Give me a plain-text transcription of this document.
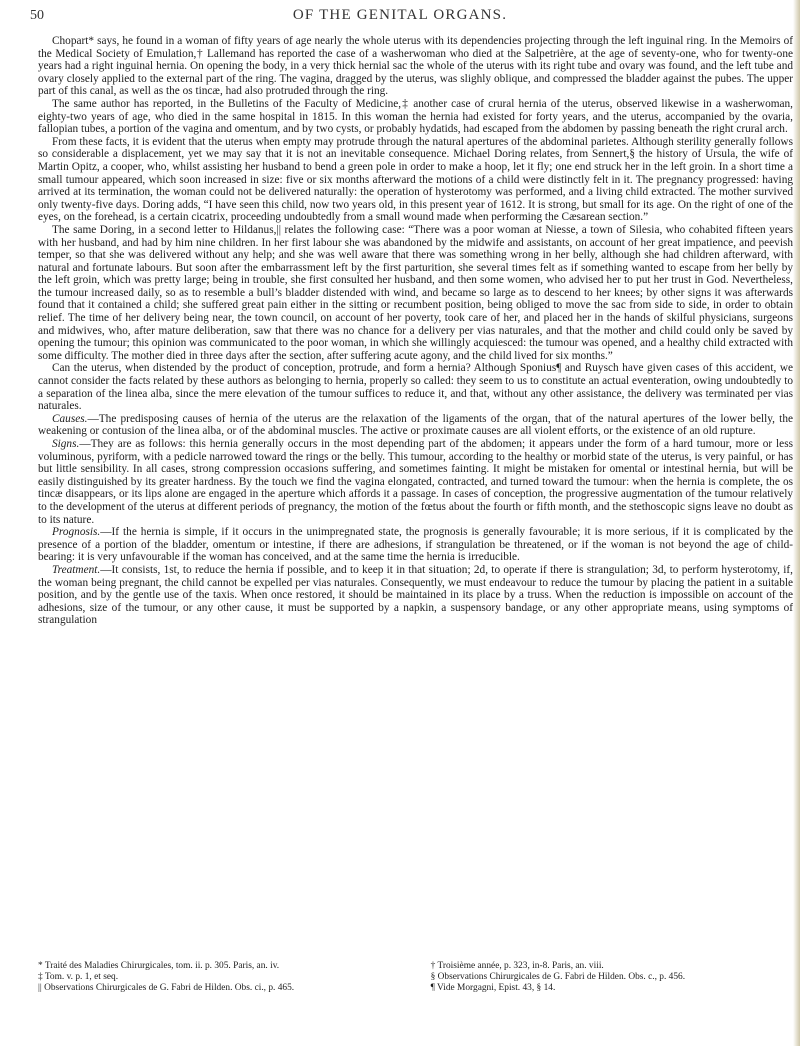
50	OF THE GENITAL ORGANS.

Chopart* says, he found in a woman of fifty years of age nearly the whole uterus with its dependencies projecting through the left inguinal ring. In the Memoirs of the Medical Society of Emulation,† Lallemand has reported the case of a washerwoman who died at the Salpetrière, at the age of seventy-one, who for twenty-one years had a right inguinal hernia. On opening the body, in a very thick hernial sac the whole of the uterus with its right tube and ovary was found, and the left tube and ovary closely applied to the external part of the ring. The vagina, dragged by the uterus, was slighly oblique, and compressed the bladder against the pubes. The upper part of this canal, as well as the os tincæ, had also protruded through the ring.

The same author has reported, in the Bulletins of the Faculty of Medicine,‡ another case of crural hernia of the uterus, observed likewise in a washerwoman, eighty-two years of age, who died in the same hospital in 1815. In this woman the hernia had existed for forty years, and the uterus, accompanied by the ovaria, fallopian tubes, a portion of the vagina and omentum, and by two cysts, or probably hydatids, had escaped from the abdomen by passing beneath the right crural arch.

From these facts, it is evident that the uterus when empty may protrude through the natural apertures of the abdominal parietes. Although sterility generally follows so considerable a displacement, yet we may say that it is not an inevitable consequence. Michael Doring relates, from Sennert,§ the history of Ursula, the wife of Martin Opitz, a cooper, who, whilst assisting her husband to bend a green pole in order to make a hoop, let it fly; one end struck her in the left groin. In a short time a small tumour appeared, which soon increased in size: five or six months afterward the motions of a child were distinctly felt in it. The pregnancy progressed: having arrived at its termination, the woman could not be delivered naturally: the operation of hysterotomy was performed, and a living child extracted. The mother survived only twenty-five days. Doring adds, “I have seen this child, now two years old, in this present year of 1612. It is strong, but small for its age. On the right of one of the eyes, on the forehead, is a certain cicatrix, proceeding undoubtedly from a small wound made when performing the Cæsarean section.”

The same Doring, in a second letter to Hildanus,|| relates the following case: “There was a poor woman at Niesse, a town of Silesia, who cohabited fifteen years with her husband, and had by him nine children. In her first labour she was abandoned by the midwife and assistants, on account of her great impatience, and peevish temper, so that she was delivered without any help; and she was well aware that there was something wrong in her belly, although she had children afterward, with natural and fortunate labours. But soon after the embarrassment left by the first parturition, she several times felt as if something wanted to escape from her belly by the left groin, which was pretty large; being in trouble, she first consulted her husband, and then some women, who advised her to put her trust in God. Nevertheless, the tumour increased daily, so as to resemble a bull’s bladder distended with wind, and became so large as to descend to her knees; by other signs it was afterwards found that it contained a child; she suffered great pain either in the sitting or recumbent position, being obliged to move the sac from side to side, in order to obtain relief. The time of her delivery being near, the town council, on account of her poverty, took care of her, and placed her in the hands of skilful physicians, surgeons and midwives, who, after mature deliberation, saw that there was no chance for a delivery per vias naturales, and that the mother and child could only be saved by opening the tumour; this opinion was communicated to the poor woman, in which she willingly acquiesced: the tumour was opened, and a healthy child extracted with some difficulty. The mother died in three days after the section, after suffering acute agony, and the child lived for six months.”

Can the uterus, when distended by the product of conception, protrude, and form a hernia? Although Sponius¶ and Ruysch have given cases of this accident, we cannot consider the facts related by these authors as belonging to hernia, properly so called: they seem to us to constitute an actual eventeration, owing undoubtedly to a separation of the linea alba, since the mere elevation of the tumour suffices to reduce it, and that, without any other assistance, the delivery was terminated per vias naturales.

Causes.—The predisposing causes of hernia of the uterus are the relaxation of the ligaments of the organ, that of the natural apertures of the lower belly, the weakening or contusion of the linea alba, or of the abdominal muscles. The active or proximate causes are all violent efforts, or the existence of an old rupture.

Signs.—They are as follows: this hernia generally occurs in the most depending part of the abdomen; it appears under the form of a hard tumour, more or less voluminous, pyriform, with a pedicle narrowed toward the rings or the belly. This tumour, according to the healthy or morbid state of the uterus, is very painful, or has but little sensibility. In all cases, strong compression occasions suffering, and sometimes fainting. It might be mistaken for omental or intestinal hernia, but will be easily distinguished by its greater hardness. By the touch we find the vagina elongated, contracted, and turned toward the tumour: when the hernia is complete, the os tincæ disappears, or its lips alone are engaged in the aperture which affords it a passage. In cases of conception, the progressive augmentation of the tumour relatively to the development of the uterus at different periods of pregnancy, the motion of the fœtus about the fourth or fifth month, and the stethoscopic signs leave no doubt as to its nature.

Prognosis.—If the hernia is simple, if it occurs in the unimpregnated state, the prognosis is generally favourable; it is more serious, if it is complicated by the presence of a portion of the bladder, omentum or intestine, if there are adhesions, if strangulation be threatened, or if the woman is not beyond the age of child-bearing: it is very unfavourable if the woman has conceived, and at the same time the hernia is irreducible.

Treatment.—It consists, 1st, to reduce the hernia if possible, and to keep it in that situation; 2d, to operate if there is strangulation; 3d, to perform hysterotomy, if, the woman being pregnant, the child cannot be expelled per vias naturales. Consequently, we must endeavour to reduce the tumour by placing the patient in a suitable position, and by the gentle use of the taxis. When once restored, it should be maintained in its place by a truss. When the reduction is impossible on account of the adhesions, size of the tumour, or any other cause, it must be supported by a napkin, a suspensory bandage, or any other appropriate means, using symptoms of strangulation

* Traité des Maladies Chirurgicales, tom. ii. p. 305. Paris, an. iv.
‡ Tom. v. p. 1, et seq.
|| Observations Chirurgicales de G. Fabri de Hilden. Obs. ci., p. 465.
† Troisième année, p. 323, in-8. Paris, an. viii.
§ Observations Chirurgicales de G. Fabri de Hilden. Obs. c., p. 456.
¶ Vide Morgagni, Epist. 43, § 14.
